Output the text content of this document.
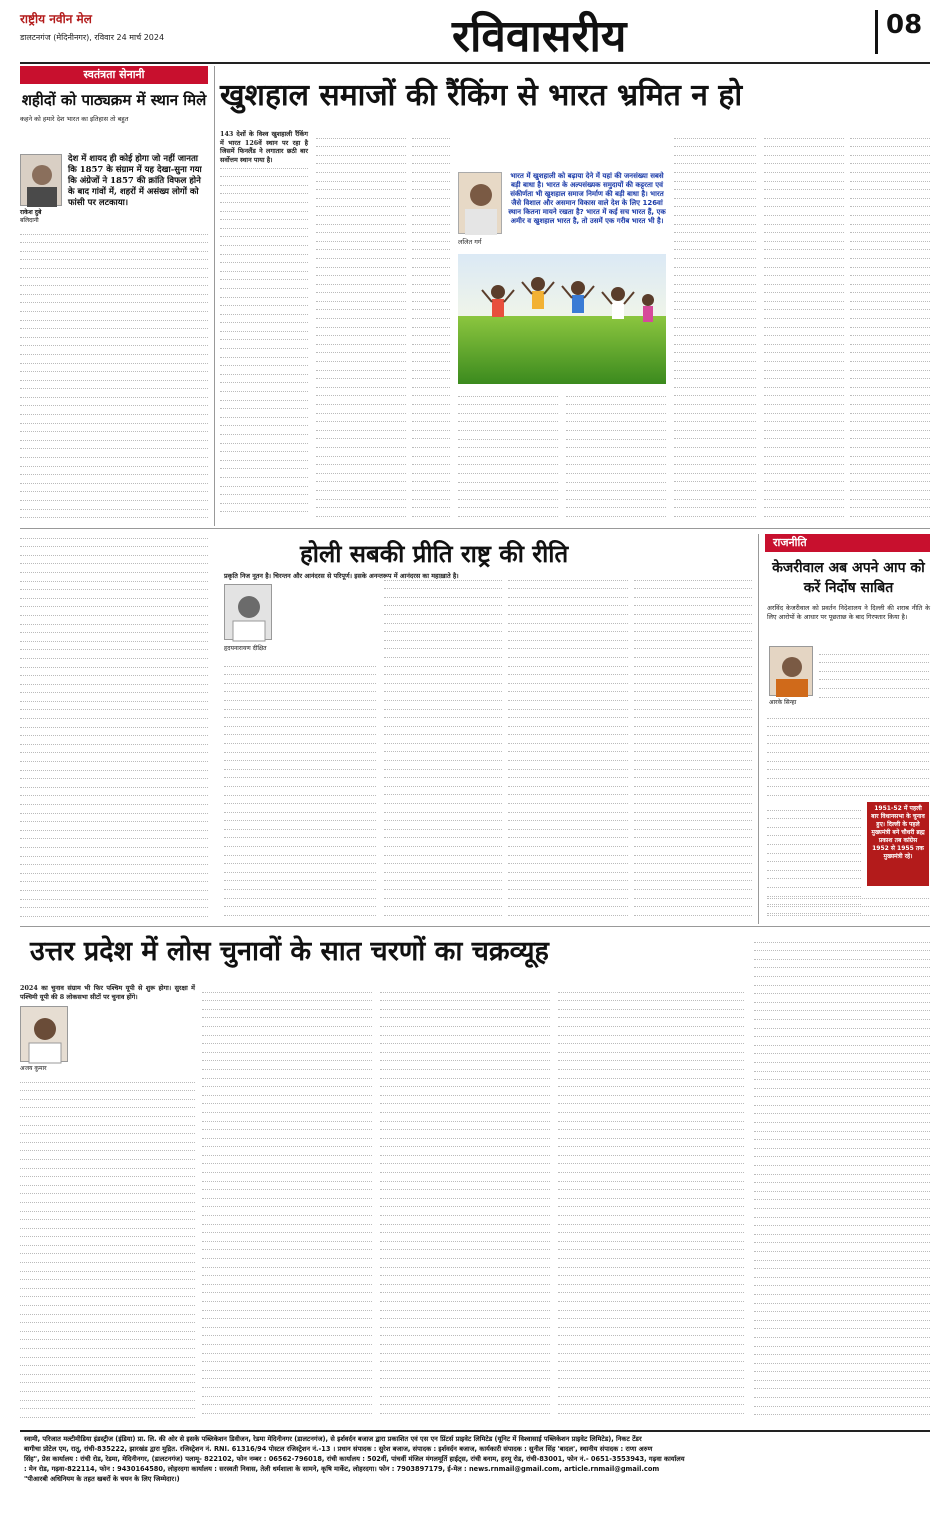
राष्ट्रीय नवीन मेल
डालटनगंज (मेदिनीनगर), रविवार 24 मार्च 2024	रविवासरीय	08
स्वतंत्रता सेनानी
शहीदों को पाठ्यक्रम में स्थान मिले
कहने को हमारे देश भारत का इतिहास तो बहुत
राकेश दुबे
बलिदानी
देश में शायद ही कोई होगा जो नहीं जानता कि 1857 के संग्राम में यह देखा-सुना गया कि अंग्रेजों ने 1857 की क्रांति विफल होने के बाद गांवों में, शहरों में असंख्य लोगों को फांसी पर लटकाया।
खुशहाल समाजों की रैंकिंग से भारत भ्रमित न हो
143 देशों के विश्व खुशहाली रैंकिंग में भारत 126वें स्थान पर रहा है जिसमें फिनलैंड ने लगातार छठी बार सर्वोत्तम स्थान पाया है।
ललित गर्ग
भारत में खुशहाली को बढ़ाया देने में यहां की जनसंख्या सबसे बड़ी बाधा है। भारत के अल्पसंख्यक समुदायों की कट्टरता एवं संकीर्णता भी खुशहाल समाज निर्माण की बड़ी बाधा है। भारत जैसे विशाल और असमान विकास वाले देश के लिए 126वां स्थान कितना मायने रखता है? भारत में कई सच भारत हैं, एक अमीर व खुशहाल भारत है, तो उसमें एक गरीब भारत भी है।
होली सबकी प्रीति राष्ट्र की रीति
हृदयनारायण दीक्षित
प्रकृति निज नूतन है। चिरन्तन और आनंदरस से परिपूर्ण। इसके अनन्तरूप में आनंदरस का महाख़ाते है।
राजनीति
केजरीवाल अब अपने आप को करें निर्दोष साबित
अरविंद केजरीवाल को प्रवर्तन निदेशालय ने दिल्ली की शराब नीति के लिए आरोपों के आधार पर पूछताछ के बाद गिरफ्तार किया है।
आरके सिन्हा
1951-52 में पहली बार विधानसभा के चुनाव हुए। दिल्ली के पहले मुख्यमंत्री बने चौधरी ब्रह्म प्रकाश तब कांग्रेस 1952 से 1955 तक मुख्यमंत्री रहे।
उत्तर प्रदेश में लोस चुनावों के सात चरणों का चक्रव्यूह
2024 का चुनाव संग्राम भी फिर पश्चिम यूपी से शुरू होगा। सुरक्षा में पश्चिमी यूपी की 8 लोकसभा सीटों पर चुनाव होंगे।
अजय कुमार
स्वामी, परिजात मल्टीमीडिया इंडस्ट्रीज (इंडिया) प्रा. लि. की ओर से इसके पब्लिकेशन डिवीजन, रेडमा मेदिनीनगर (डालटनगंज), से इर्शवर्दन बजाज द्वारा प्रकाशित एवं एस एन प्रिंटर्स प्राइवेट लिमिटेड (यूनिट में विश्वासाई पब्लिकेशन प्राइवेट लिमिटेड), निकट टेंडर
बागीचा प्रोटेल एम, रातू, रांची-835222, झारखंड द्वारा मुद्रित. रजिस्ट्रेशन नं. RNI. 61316/94 पोस्टल रजिस्ट्रेशन नं.-13 । प्रधान संपादक : सुरेश बजाज, संपादक : इर्शवर्दन बजाज, कार्यकारी संपादक : सुनील सिंह 'बादल', स्थानीय संपादक : राणा अरुण
सिंह", प्रेस कार्यालय : रांची रोड, रेडमा, मेदिनीनगर, (डालटनगंज) पलामू- 822102, फोन नम्बर : 06562-796018, रांची कार्यालय : 502वीं, पांचवीं मंजिल मंगलमूर्ति हाईट्स, रांची बनाम, हरमू रोड, रांची-83001, फोन नं.- 0651-3553943, गढ़वा कार्यालय
: मेन रोड, गढ़वा-822114, फोन : 9430164580, लोहरदगा कार्यालय : सरस्वती निवास, तेली धर्मशाला के सामने, कृषि मार्केट, लोहरदगा। फोन : 7903897179, ई-मेल : news.rnmail@gmail.com, article.rnmail@gmail.com
"पीआरबी अधिनियम के तहत खबरों के चयन के लिए जिम्मेदार।)
